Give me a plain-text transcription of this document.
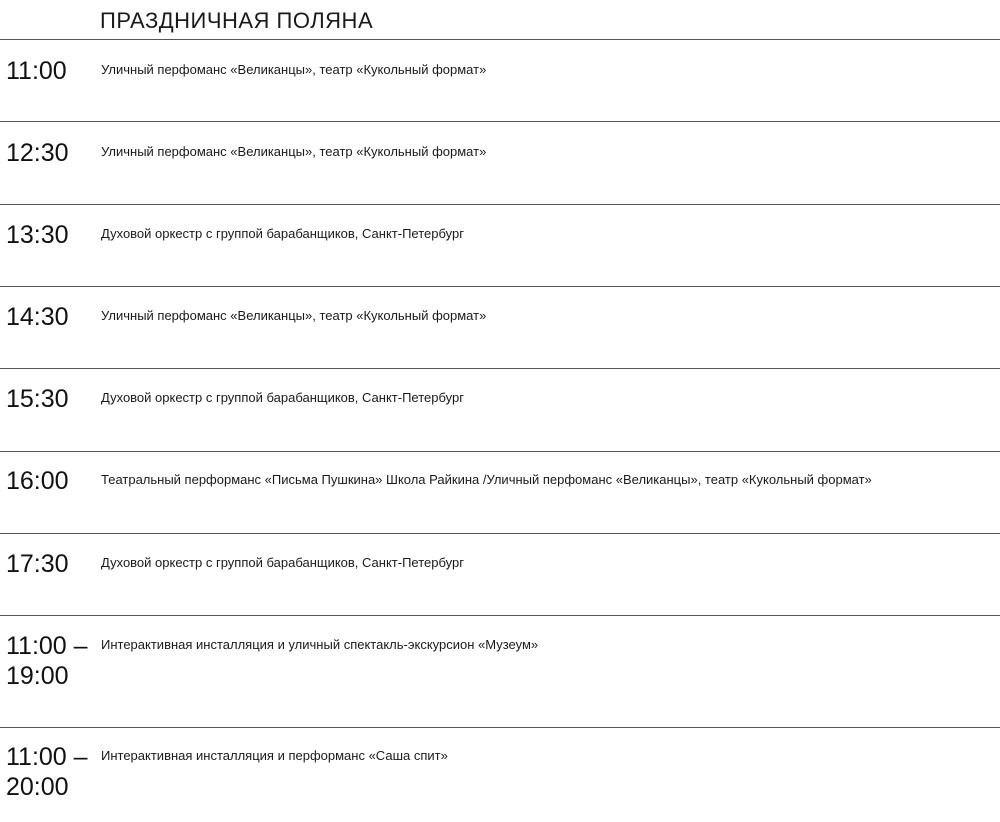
ПРАЗДНИЧНАЯ ПОЛЯНА
11:00	Уличный перфоманс «Великанцы», театр «Кукольный формат»
12:30 Уличный перфоманс «Великанцы», театр «Кукольный формат»
13:30 Духовой оркестр с группой барабанщиков, Санкт-Петербург
14:30 Уличный перфоманс «Великанцы», театр «Кукольный формат»
15:30 Духовой оркестр с группой барабанщиков, Санкт-Петербург
16:00 Театральный перформанс «Письма Пушкина» Школа Райкина /Уличный перфоманс «Великанцы», театр «Кукольный формат»
17:30 Духовой оркестр с группой барабанщиков, Санкт-Петербург
11:00 –
19:00
Интерактивная инсталляция и уличный спектакль-экскурсион «Музеум»
11:00 –
20:00
Интерактивная инсталляция и перформанс «Саша спит»
